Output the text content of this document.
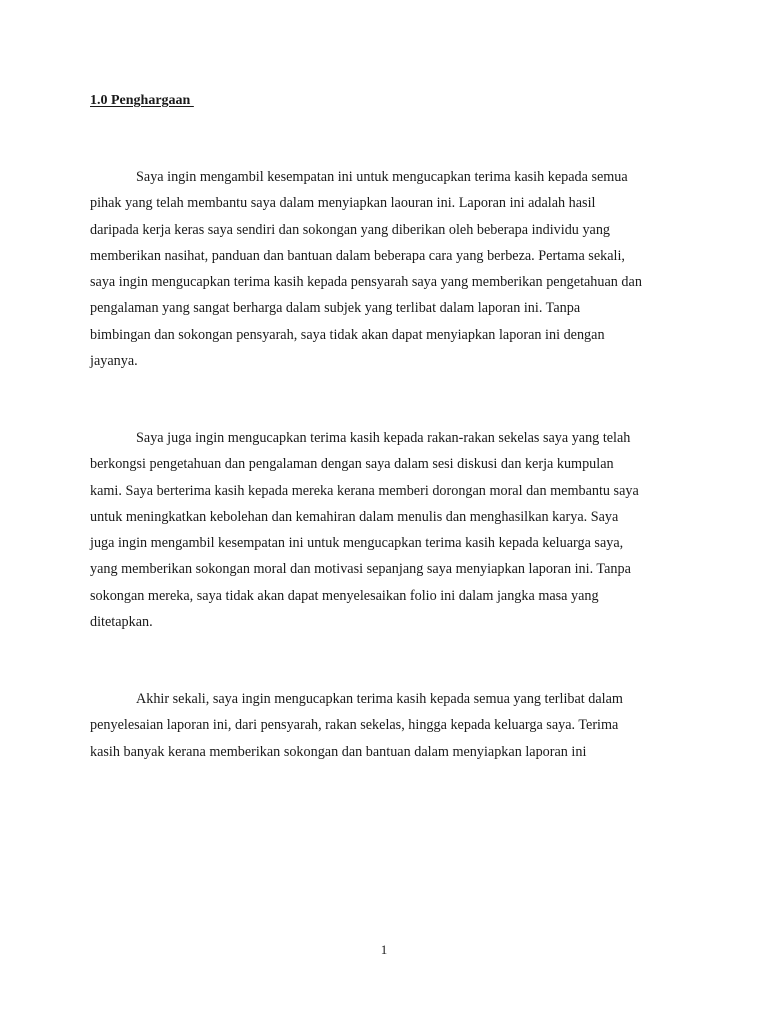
1.0 Penghargaan

Saya ingin mengambil kesempatan ini untuk mengucapkan terima kasih kepada semua
pihak yang telah membantu saya dalam menyiapkan laouran ini. Laporan ini adalah hasil
daripada kerja keras saya sendiri dan sokongan yang diberikan oleh beberapa individu yang
memberikan nasihat, panduan dan bantuan dalam beberapa cara yang berbeza. Pertama sekali,
saya ingin mengucapkan terima kasih kepada pensyarah saya yang memberikan pengetahuan dan
pengalaman yang sangat berharga dalam subjek yang terlibat dalam laporan ini. Tanpa
bimbingan dan sokongan pensyarah, saya tidak akan dapat menyiapkan laporan ini dengan
jayanya.

Saya juga ingin mengucapkan terima kasih kepada rakan-rakan sekelas saya yang telah
berkongsi pengetahuan dan pengalaman dengan saya dalam sesi diskusi dan kerja kumpulan
kami. Saya berterima kasih kepada mereka kerana memberi dorongan moral dan membantu saya
untuk meningkatkan kebolehan dan kemahiran dalam menulis dan menghasilkan karya. Saya
juga ingin mengambil kesempatan ini untuk mengucapkan terima kasih kepada keluarga saya,
yang memberikan sokongan moral dan motivasi sepanjang saya menyiapkan laporan ini. Tanpa
sokongan mereka, saya tidak akan dapat menyelesaikan folio ini dalam jangka masa yang
ditetapkan.

Akhir sekali, saya ingin mengucapkan terima kasih kepada semua yang terlibat dalam
penyelesaian laporan ini, dari pensyarah, rakan sekelas, hingga kepada keluarga saya. Terima
kasih banyak kerana memberikan sokongan dan bantuan dalam menyiapkan laporan ini

1
